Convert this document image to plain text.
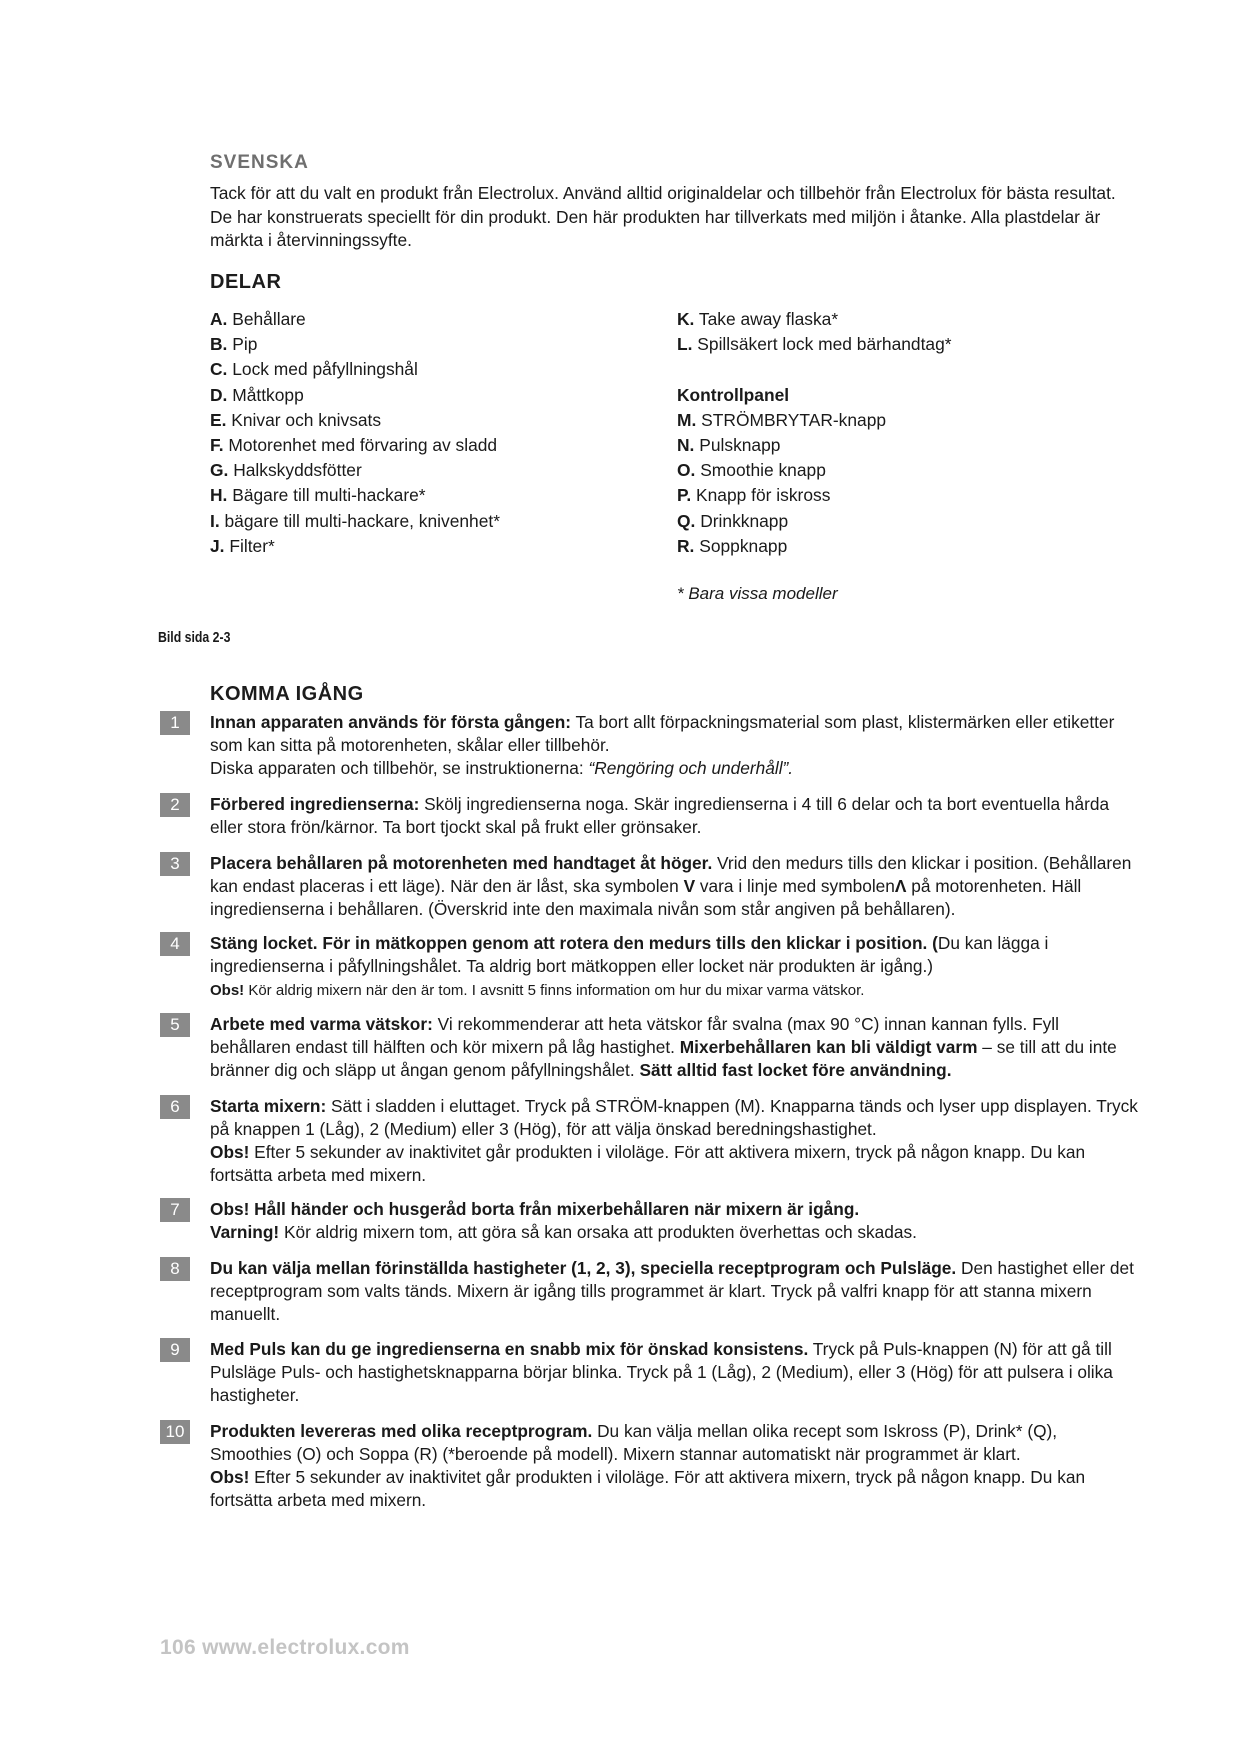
SVENSKA
Tack för att du valt en produkt från Electrolux. Använd alltid originaldelar och tillbehör från Electrolux för bästa resultat. De har konstruerats speciellt för din produkt. Den här produkten har tillverkats med miljön i åtanke. Alla plastdelar är märkta i återvinningssyfte.
DELAR
A. Behållare
B. Pip
C. Lock med påfyllningshål
D. Måttkopp
E. Knivar och knivsats
F. Motorenhet med förvaring av sladd
G. Halkskyddsfötter
H. Bägare till multi-hackare*
I. bägare till multi-hackare, knivenhet*
J. Filter*
K. Take away flaska*
L. Spillsäkert lock med bärhandtag*
Kontrollpanel
M. STRÖMBRYTAR-knapp
N. Pulsknapp
O. Smoothie knapp
P. Knapp för iskross
Q. Drinkknapp
R. Soppknapp
* Bara vissa modeller
Bild sida 2-3
KOMMA IGÅNG
1	Innan apparaten används för första gången: Ta bort allt förpackningsmaterial som plast, klistermärken eller etiketter som kan sitta på motorenheten, skålar eller tillbehör.
Diska apparaten och tillbehör, se instruktionerna: “Rengöring och underhåll”.
2	Förbered ingredienserna: Skölj ingredienserna noga. Skär ingredienserna i 4 till 6 delar och ta bort eventuella hårda eller stora frön/kärnor. Ta bort tjockt skal på frukt eller grönsaker.
3	Placera behållaren på motorenheten med handtaget åt höger. Vrid den medurs tills den klickar i position. (Behållaren kan endast placeras i ett läge). När den är låst, ska symbolen V vara i linje med symbolenΛ på motorenheten. Häll ingredienserna i behållaren. (Överskrid inte den maximala nivån som står angiven på behållaren).
4	Stäng locket. För in mätkoppen genom att rotera den medurs tills den klickar i position. (Du kan lägga i ingredienserna i påfyllningshålet. Ta aldrig bort mätkoppen eller locket när produkten är igång.)
Obs! Kör aldrig mixern när den är tom. I avsnitt 5 finns information om hur du mixar varma vätskor.
5	Arbete med varma vätskor: Vi rekommenderar att heta vätskor får svalna (max 90 °C) innan kannan fylls. Fyll behållaren endast till hälften och kör mixern på låg hastighet. Mixerbehållaren kan bli väldigt varm – se till att du inte bränner dig och släpp ut ångan genom påfyllningshålet. Sätt alltid fast locket före användning.
6	Starta mixern: Sätt i sladden i eluttaget. Tryck på STRÖM-knappen (M). Knapparna tänds och lyser upp displayen. Tryck på knappen 1 (Låg), 2 (Medium) eller 3 (Hög), för att välja önskad beredningshastighet.
Obs! Efter 5 sekunder av inaktivitet går produkten i viloläge. För att aktivera mixern, tryck på någon knapp. Du kan fortsätta arbeta med mixern.
7	Obs! Håll händer och husgeråd borta från mixerbehållaren när mixern är igång.
Varning! Kör aldrig mixern tom, att göra så kan orsaka att produkten överhettas och skadas.
8	Du kan välja mellan förinställda hastigheter (1, 2, 3), speciella receptprogram och Pulsläge. Den hastighet eller det receptprogram som valts tänds. Mixern är igång tills programmet är klart. Tryck på valfri knapp för att stanna mixern manuellt.
9	Med Puls kan du ge ingredienserna en snabb mix för önskad konsistens. Tryck på Puls-knappen (N) för att gå till Pulsläge Puls- och hastighetsknapparna börjar blinka. Tryck på 1 (Låg), 2 (Medium), eller 3 (Hög) för att pulsera i olika hastigheter.
10	Produkten levereras med olika receptprogram. Du kan välja mellan olika recept som Iskross (P), Drink* (Q), Smoothies (O) och Soppa (R) (*beroende på modell). Mixern stannar automatiskt när programmet är klart.
Obs! Efter 5 sekunder av inaktivitet går produkten i viloläge. För att aktivera mixern, tryck på någon knapp. Du kan fortsätta arbeta med mixern.
106 www.electrolux.com
